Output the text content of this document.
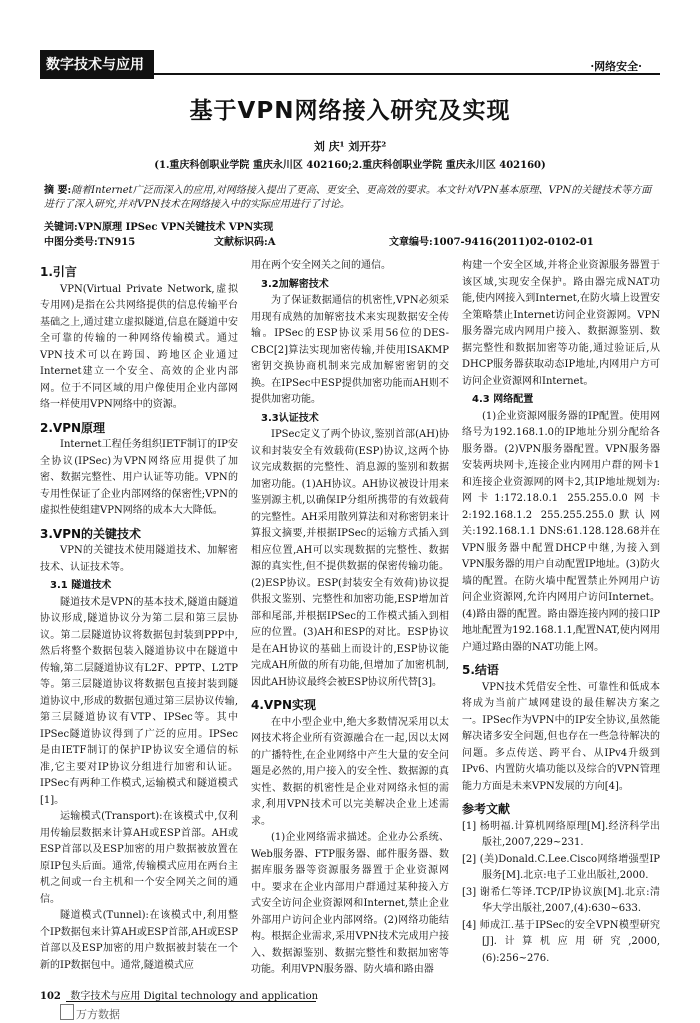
数字技术与应用	·网络安全·
基于VPN网络接入研究及实现
刘 庆¹ 刘开芬²
(1.重庆科创职业学院 重庆永川区 402160;2.重庆科创职业学院 重庆永川区 402160)
摘 要:随着Internet广泛而深入的应用,对网络接入提出了更高、更安全、更高效的要求。本文针对VPN基本原理、VPN的关键技术等方面进行了深入研究,并对VPN技术在网络接入中的实际应用进行了讨论。
关键词:VPN原理 IPSec VPN关键技术 VPN实现
中图分类号:TN915	文献标识码:A	文章编号:1007-9416(2011)02-0102-01
1.引言

VPN(Virtual Private Network,虚拟专用网)是指在公共网络提供的信息传输平台基础之上,通过建立虚拟隧道,信息在隧道中安全可靠的传输的一种网络传输模式。通过VPN技术可以在跨国、跨地区企业通过Internet建立一个安全、高效的企业内部网。位于不同区域的用户像使用企业内部网络一样使用VPN网络中的资源。

2.VPN原理

Internet工程任务组织IETF制订的IP安全协议(IPSec)为VPN网络应用提供了加密、数据完整性、用户认证等功能。VPN的专用性保证了企业内部网络的保密性;VPN的虚拟性使组建VPN网络的成本大大降低。

3.VPN的关键技术

VPN的关键技术使用隧道技术、加解密技术、认证技术等。

3.1 隧道技术

隧道技术是VPN的基本技术,隧道由隧道协议形成,隧道协议分为第二层和第三层协议。第二层隧道协议将数据包封装到PPP中,然后将整个数据包装入隧道协议中在隧道中传输,第二层隧道协议有L2F、PPTP、L2TP等。第三层隧道协议将数据包直接封装到隧道协议中,形成的数据包通过第三层协议传输,第三层隧道协议有VTP、IPSec等。其中IPSec隧道协议得到了广泛的应用。IPSec是由IETF制订的保护IP协议安全通信的标准,它主要对IP协议分组进行加密和认证。IPSec有两种工作模式,运输模式和隧道模式[1]。

运输模式(Transport):在该模式中,仅利用传输层数据来计算AH或ESP首部。AH或ESP首部以及ESP加密的用户数据被放置在原IP包头后面。通常,传输模式应用在两台主机之间或一台主机和一个安全网关之间的通信。

隧道模式(Tunnel):在该模式中,利用整个IP数据包来计算AH或ESP首部,AH或ESP首部以及ESP加密的用户数据被封装在一个新的IP数据包中。通常,隧道模式应

用在两个安全网关之间的通信。

3.2加解密技术

为了保证数据通信的机密性,VPN必须采用现有成熟的加解密技术来实现数据安全传输。IPSec的ESP协议采用56位的DES-CBC[2]算法实现加密传输,并使用ISAKMP密钥交换协商机制来完成加解密密钥的交换。在IPSec中ESP提供加密功能而AH则不提供加密功能。

3.3认证技术

IPSec定义了两个协议,鉴别首部(AH)协议和封装安全有效载荷(ESP)协议,这两个协议完成数据的完整性、消息源的鉴别和数据加密功能。(1)AH协议。AH协议被设计用来鉴别源主机,以确保IP分组所携带的有效载荷的完整性。AH采用散列算法和对称密钥来计算报文摘要,并根据IPSec的运输方式插入到相应位置,AH可以实现数据的完整性、数据源的真实性,但不提供数据的保密传输功能。(2)ESP协议。ESP(封装安全有效荷)协议提供报文鉴别、完整性和加密功能,ESP增加首部和尾部,并根据IPSec的工作模式插入到相应的位置。(3)AH和ESP的对比。ESP协议是在AH协议的基础上而设计的,ESP协议能完成AH所做的所有功能,但增加了加密机制,因此AH协议最终会被ESP协议所代替[3]。

4.VPN实现

在中小型企业中,绝大多数情况采用以太网技术将企业所有资源融合在一起,因以太网的广播特性,在企业网络中产生大量的安全问题是必然的,用户接入的安全性、数据源的真实性、数据的机密性是企业对网络永恒的需求,利用VPN技术可以完美解决企业上述需求。

(1)企业网络需求描述。企业办公系统、Web服务器、FTP服务器、邮件服务器、数据库服务器等资源服务器置于企业资源网中。要求在企业内部用户群通过某种接入方式安全访问企业资源网和Internet,禁止企业外部用户访问企业内部网络。(2)网络功能结构。根据企业需求,采用VPN技术完成用户接入、数据源鉴别、数据完整性和数据加密等功能。利用VPN服务器、防火墙和路由器

构建一个安全区域,并将企业资源服务器置于该区域,实现安全保护。路由器完成NAT功能,使内网接入到Internet,在防火墙上设置安全策略禁止Internet访问企业资源网。VPN服务器完成内网用户接入、数据源鉴别、数据完整性和数据加密等功能,通过验证后,从DHCP服务器获取动态IP地址,内网用户方可访问企业资源网和Internet。

4.3 网络配置

(1)企业资源网服务器的IP配置。使用网络号为192.168.1.0的IP地址分别分配给各服务器。(2)VPN服务器配置。VPN服务器安装两块网卡,连接企业内网用户群的网卡1和连接企业资源网的网卡2,其IP地址规划为:网卡1:172.18.0.1 255.255.0.0网卡2:192.168.1.2 255.255.255.0默认网关:192.168.1.1 DNS:61.128.128.68并在VPN服务器中配置DHCP中继,为接入到VPN服务器的用户自动配置IP地址。(3)防火墙的配置。在防火墙中配置禁止外网用户访问企业资源网,允许内网用户访问Internet。(4)路由器的配置。路由器连接内网的接口IP地址配置为192.168.1.1,配置NAT,使内网用户通过路由器的NAT功能上网。

5.结语

VPN技术凭借安全性、可靠性和低成本将成为当前广域网建设的最佳解决方案之一。IPSec作为VPN中的IP安全协议,虽然能解决诸多安全问题,但也存在一些急待解决的问题。多点传送、跨平台、从IPv4升级到IPv6、内置防火墙功能以及综合的VPN管理能力方面是未来VPN发展的方向[4]。

参考文献

[1] 杨明福.计算机网络原理[M].经济科学出版社,2007,229~231.

[2] (美)Donald.C.Lee.Cisco网络增强型IP服务[M].北京:电子工业出版社,2000.

[3] 谢希仁等译.TCP/IP协议族[M].北京:清华大学出版社,2007,(4):630~633.

[4] 师成江.基于IPSec的安全VPN模型研究[J].计算机应用研究,2000,(6):256~276.

102 数字技术与应用 Digital technology and application
万方数据
